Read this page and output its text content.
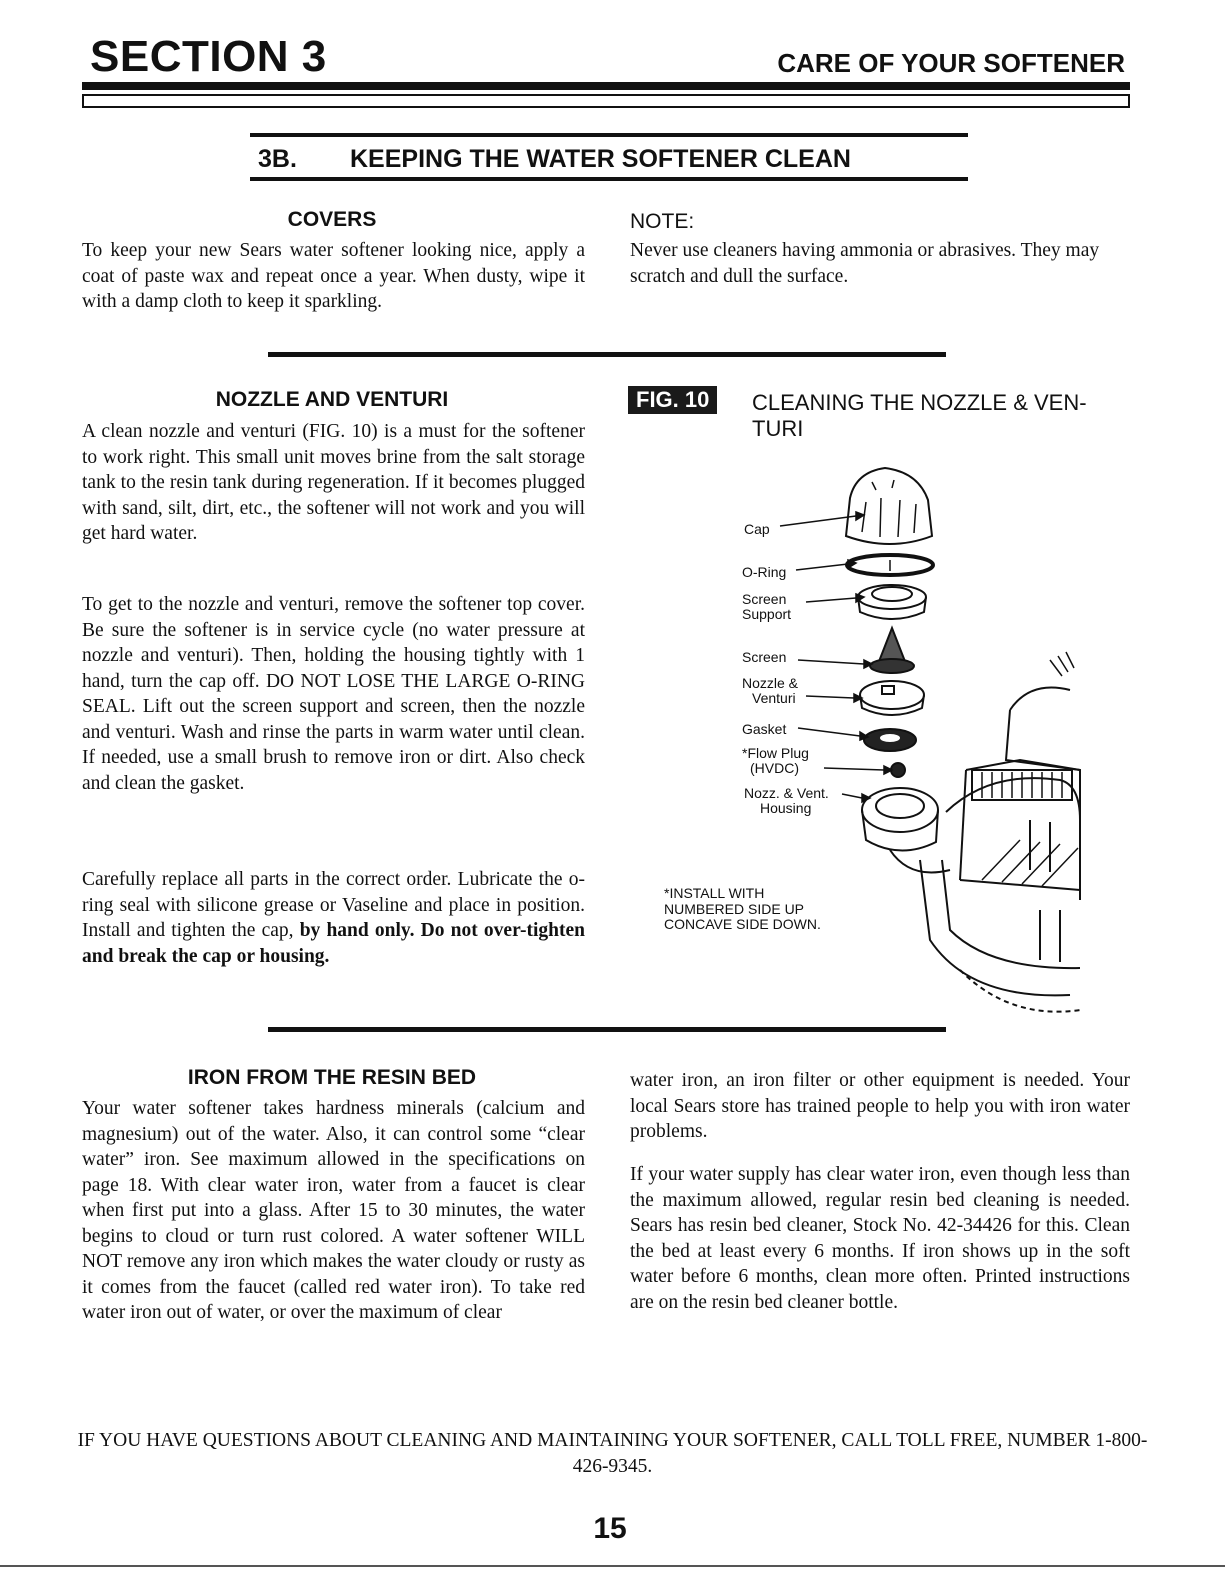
SECTION 3	CARE OF YOUR SOFTENER
3B. KEEPING THE WATER SOFTENER CLEAN
COVERS

To keep your new Sears water softener looking nice, apply a coat of paste wax and repeat once a year. When dusty, wipe it with a damp cloth to keep it sparkling.

NOTE:

Never use cleaners having ammonia or abrasives. They may scratch and dull the surface.

NOZZLE AND VENTURI

A clean nozzle and venturi (FIG. 10) is a must for the softener to work right. This small unit moves brine from the salt storage tank to the resin tank during regeneration. If it becomes plugged with sand, silt, dirt, etc., the softener will not work and you will get hard water.

To get to the nozzle and venturi, remove the softener top cover. Be sure the softener is in service cycle (no water pressure at nozzle and venturi). Then, holding the housing tightly with 1 hand, turn the cap off. DO NOT LOSE THE LARGE O-RING SEAL. Lift out the screen support and screen, then the nozzle and venturi. Wash and rinse the parts in warm water until clean. If needed, use a small brush to remove iron or dirt. Also check and clean the gasket.

Carefully replace all parts in the correct order. Lubricate the o-ring seal with silicone grease or Vaseline and place in position. Install and tighten the cap, by hand only. Do not over-tighten and break the cap or housing.

FIG. 10	CLEANING THE NOZZLE & VEN-TURI
Cap
O-Ring
Screen
Support
Screen
Nozzle &
Venturi
Gasket
*Flow Plug
(HVDC)
Nozz. & Vent.
Housing
*INSTALL WITH
NUMBERED SIDE UP
CONCAVE SIDE DOWN.
IRON FROM THE RESIN BED

Your water softener takes hardness minerals (calcium and magnesium) out of the water. Also, it can control some “clear water” iron. See maximum allowed in the specifications on page 18. With clear water iron, water from a faucet is clear when first put into a glass. After 15 to 30 minutes, the water begins to cloud or turn rust colored. A water softener WILL NOT remove any iron which makes the water cloudy or rusty as it comes from the faucet (called red water iron). To take red water iron out of water, or over the maximum of clear

water iron, an iron filter or other equipment is needed. Your local Sears store has trained people to help you with iron water problems.

If your water supply has clear water iron, even though less than the maximum allowed, regular resin bed cleaning is needed. Sears has resin bed cleaner, Stock No. 42-34426 for this. Clean the bed at least every 6 months. If iron shows up in the soft water before 6 months, clean more often. Printed instructions are on the resin bed cleaner bottle.

IF YOU HAVE QUESTIONS ABOUT CLEANING AND MAINTAINING YOUR SOFTENER, CALL TOLL FREE, NUMBER 1-800-426-9345.
15
